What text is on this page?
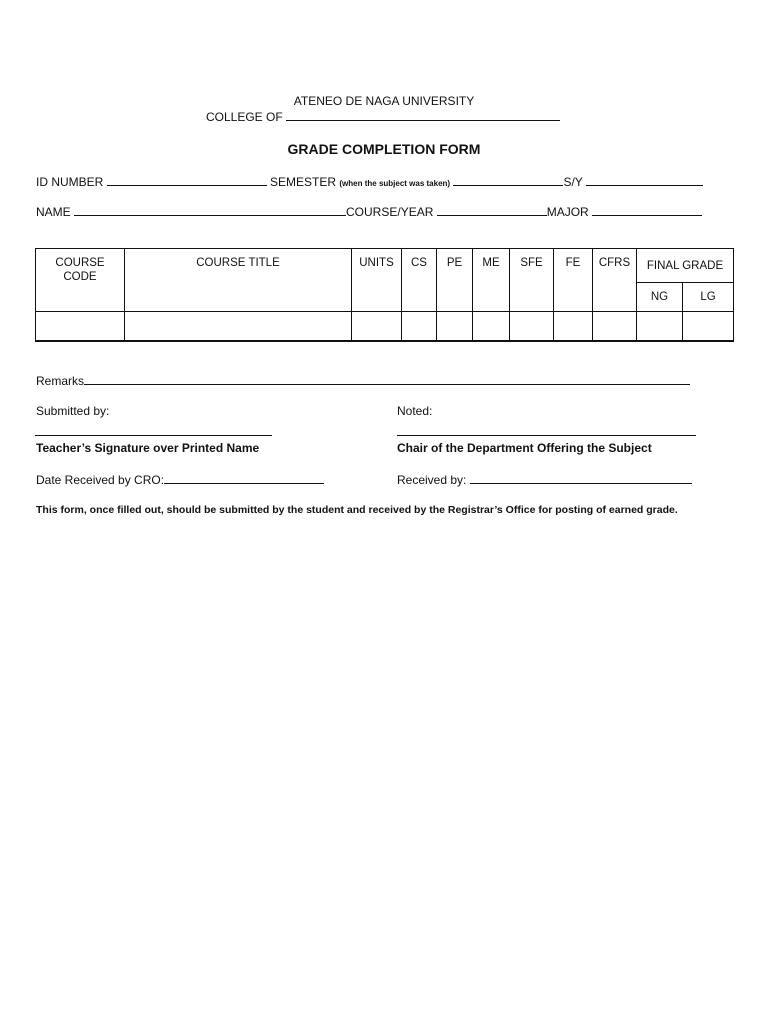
ATENEO DE NAGA UNIVERSITY
COLLEGE OF
GRADE COMPLETION FORM
ID NUMBER	SEMESTER (when the subject was taken)	S/Y
NAME	COURSE/YEAR	MAJOR
COURSE CODE	COURSE TITLE	UNITS	CS	PE	ME	SFE	FE	CFRS	FINAL GRADE	
									NG	LG

Remarks
Submitted by:	Noted:
Teacher’s Signature over Printed Name	Chair of the Department Offering the Subject
Date Received by CRO:	Received by:
This form, once filled out, should be submitted by the student and received by the Registrar’s Office for posting of earned grade.
